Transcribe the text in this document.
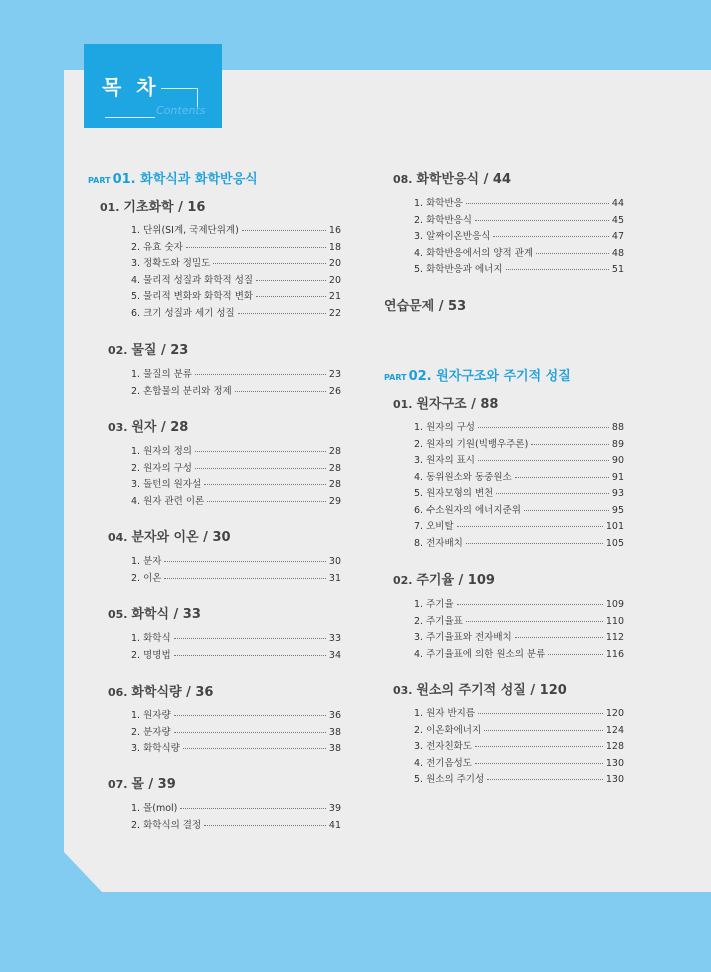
목 차
Contents
PART 01. 화학식과 화학반응식
PART 02. 원자구조와 주기적 성질
01. 기초화학 / 16
1. 단위(SI계, 국제단위계)	16
2. 유효 숫자	18
3. 정확도와 정밀도	20
4. 물리적 성질과 화학적 성질	20
5. 물리적 변화와 화학적 변화	21
6. 크기 성질과 세기 성질	22
02. 물질 / 23
1. 물질의 분류	23
2. 혼합물의 분리와 정제	26
03. 원자 / 28
1. 원자의 정의	28
2. 원자의 구성	28
3. 돌턴의 원자설	28
4. 원자 관련 이론	29
04. 분자와 이온 / 30
1. 분자	30
2. 이온	31
05. 화학식 / 33
1. 화학식	33
2. 명명법	34
06. 화학식량 / 36
1. 원자량	36
2. 분자량	38
3. 화학식량	38
07. 몰 / 39
1. 몰(mol)	39
2. 화학식의 결정	41
08. 화학반응식 / 44
1. 화학반응	44
2. 화학반응식	45
3. 알짜이온반응식	47
4. 화학반응에서의 양적 관계	48
5. 화학반응과 에너지	51
연습문제 / 53
01. 원자구조 / 88
1. 원자의 구성	88
2. 원자의 기원(빅뱅우주론)	89
3. 원자의 표시	90
4. 동위원소와 동중원소	91
5. 원자모형의 변천	93
6. 수소원자의 에너지준위	95
7. 오비탈	101
8. 전자배치	105
02. 주기율 / 109
1. 주기율	109
2. 주기율표	110
3. 주기율표와 전자배치	112
4. 주기율표에 의한 원소의 분류	116
03. 원소의 주기적 성질 / 120
1. 원자 반지름	120
2. 이온화에너지	124
3. 전자친화도	128
4. 전기음성도	130
5. 원소의 주기성	130
